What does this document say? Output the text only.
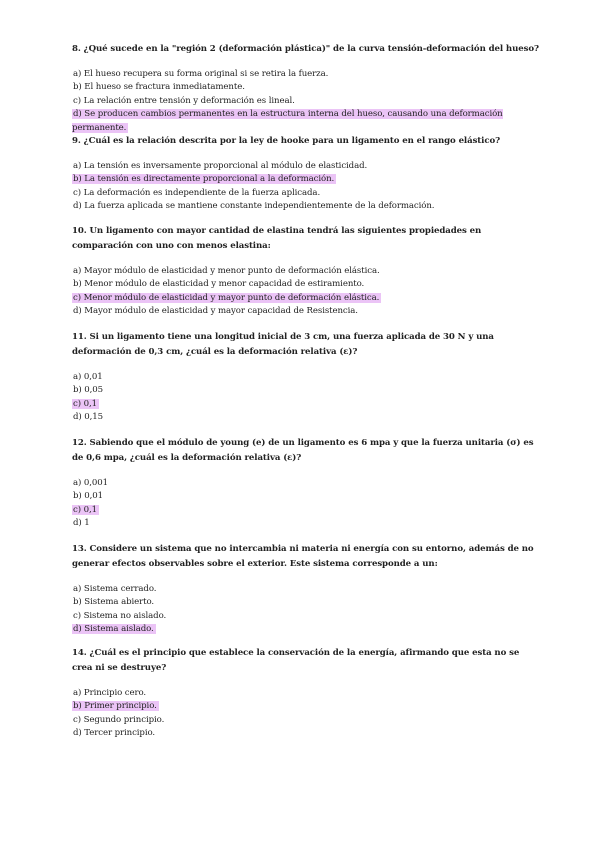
8. ¿Qué sucede en la "región 2 (deformación plástica)" de la curva tensión-deformación del hueso?

a) El hueso recupera su forma original si se retira la fuerza.
b) El hueso se fractura inmediatamente.
c) La relación entre tensión y deformación es lineal.
d) Se producen cambios permanentes en la estructura interna del hueso, causando una deformación permanente.

9. ¿Cuál es la relación descrita por la ley de hooke para un ligamento en el rango elástico?

a) La tensión es inversamente proporcional al módulo de elasticidad.
b) La tensión es directamente proporcional a la deformación.
c) La deformación es independiente de la fuerza aplicada.
d) La fuerza aplicada se mantiene constante independientemente de la deformación.

10. Un ligamento con mayor cantidad de elastina tendrá las siguientes propiedades en comparación con uno con menos elastina:

a) Mayor módulo de elasticidad y menor punto de deformación elástica.
b) Menor módulo de elasticidad y menor capacidad de estiramiento.
c) Menor módulo de elasticidad y mayor punto de deformación elástica.
d) Mayor módulo de elasticidad y mayor capacidad de Resistencia.

11. Si un ligamento tiene una longitud inicial de 3 cm, una fuerza aplicada de 30 N y una deformación de 0,3 cm, ¿cuál es la deformación relativa (ε)?

a) 0,01
b) 0,05
c) 0,1
d) 0,15

12. Sabiendo que el módulo de young (e) de un ligamento es 6 mpa y que la fuerza unitaria (σ) es de 0,6 mpa, ¿cuál es la deformación relativa (ε)?

a) 0,001
b) 0,01
c) 0,1
d) 1

13. Considere un sistema que no intercambia ni materia ni energía con su entorno, además de no generar efectos observables sobre el exterior. Este sistema corresponde a un:

a) Sistema cerrado.
b) Sistema abierto.
c) Sistema no aislado.
d) Sistema aislado.

14. ¿Cuál es el principio que establece la conservación de la energía, afirmando que esta no se crea ni se destruye?

a) Principio cero.
b) Primer principio.
c) Segundo principio.
d) Tercer principio.
